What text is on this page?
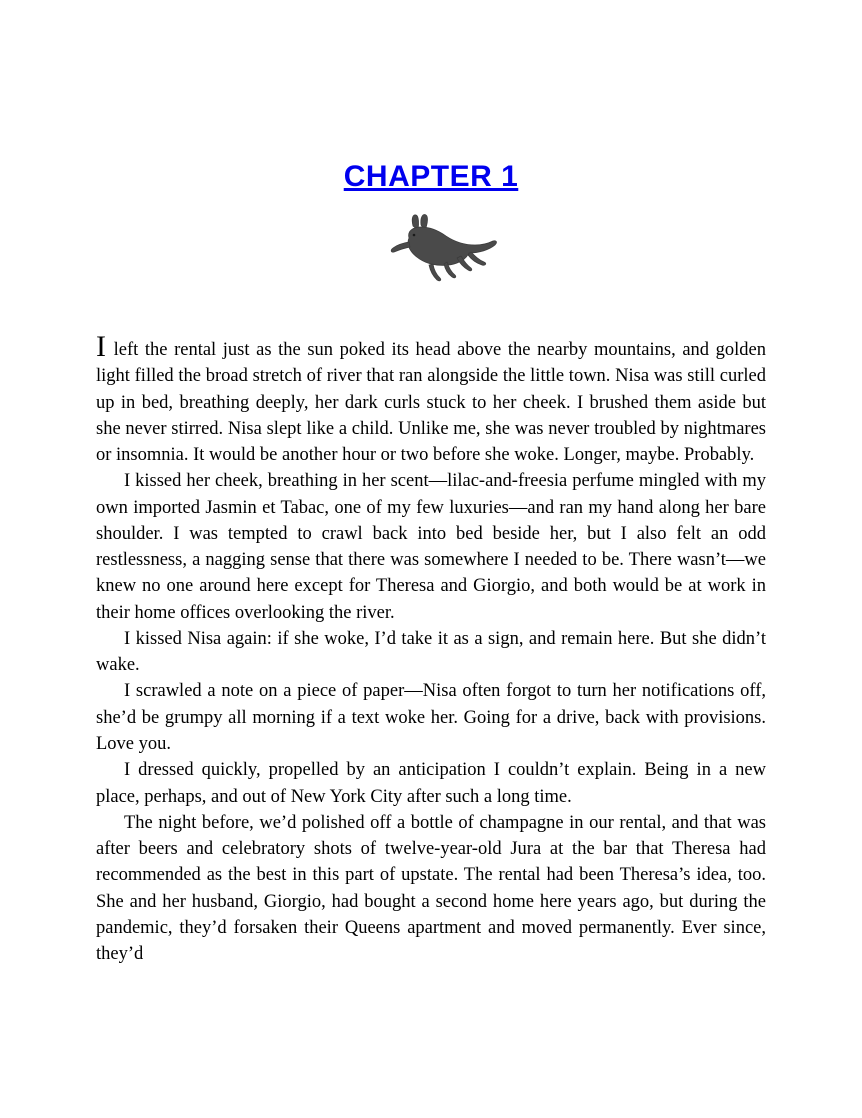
CHAPTER 1

I left the rental just as the sun poked its head above the nearby mountains, and golden light filled the broad stretch of river that ran alongside the little town. Nisa was still curled up in bed, breathing deeply, her dark curls stuck to her cheek. I brushed them aside but she never stirred. Nisa slept like a child. Unlike me, she was never troubled by nightmares or insomnia. It would be another hour or two before she woke. Longer, maybe. Probably.

I kissed her cheek, breathing in her scent—lilac-and-freesia perfume mingled with my own imported Jasmin et Tabac, one of my few luxuries—and ran my hand along her bare shoulder. I was tempted to crawl back into bed beside her, but I also felt an odd restlessness, a nagging sense that there was somewhere I needed to be. There wasn’t—we knew no one around here except for Theresa and Giorgio, and both would be at work in their home offices overlooking the river.

I kissed Nisa again: if she woke, I’d take it as a sign, and remain here. But she didn’t wake.

I scrawled a note on a piece of paper—Nisa often forgot to turn her notifications off, she’d be grumpy all morning if a text woke her. Going for a drive, back with provisions. Love you.

I dressed quickly, propelled by an anticipation I couldn’t explain. Being in a new place, perhaps, and out of New York City after such a long time.

The night before, we’d polished off a bottle of champagne in our rental, and that was after beers and celebratory shots of twelve-year-old Jura at the bar that Theresa had recommended as the best in this part of upstate. The rental had been Theresa’s idea, too. She and her husband, Giorgio, had bought a second home here years ago, but during the pandemic, they’d forsaken their Queens apartment and moved permanently. Ever since, they’d
